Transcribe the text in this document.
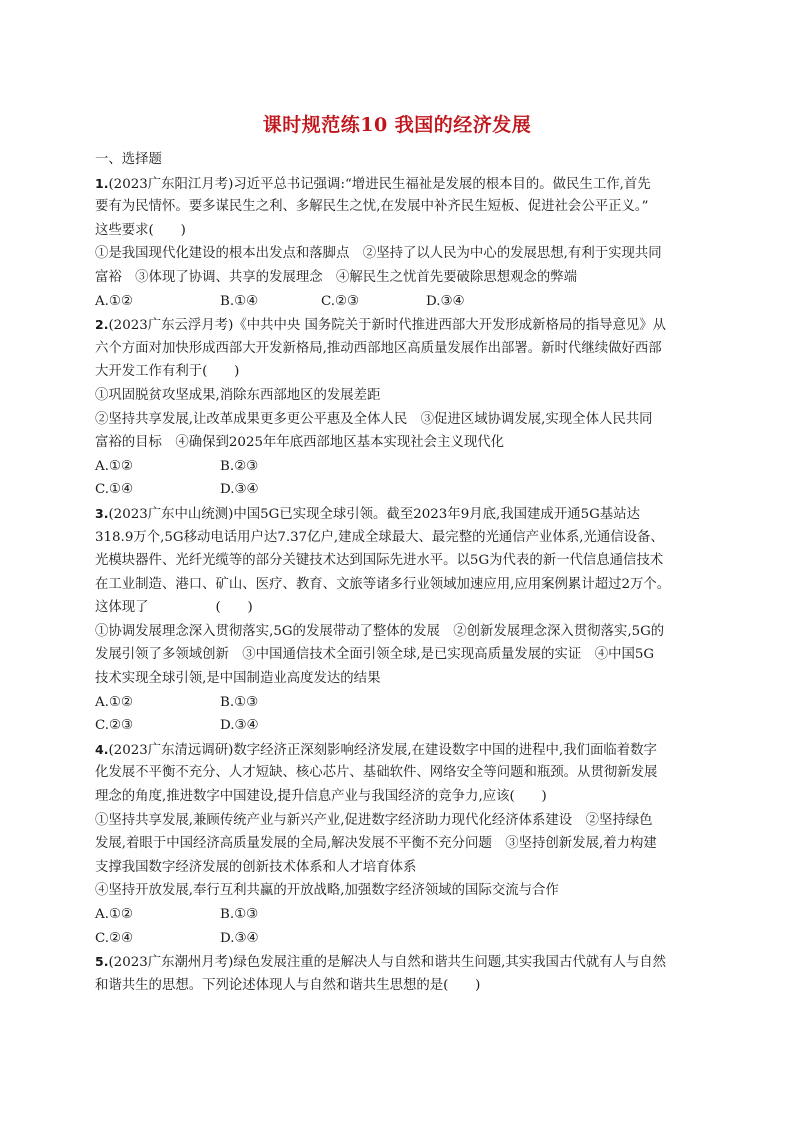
课时规范练10 我国的经济发展
一、选择题
1.(2023广东阳江月考)习近平总书记强调:“增进民生福祉是发展的根本目的。做民生工作,首先
要有为民情怀。要多谋民生之利、多解民生之忧,在发展中补齐民生短板、促进社会公平正义。”
这些要求(　　)
①是我国现代化建设的根本出发点和落脚点　②坚持了以人民为中心的发展思想,有利于实现共同
富裕　③体现了协调、共享的发展理念　④解民生之忧首先要破除思想观念的弊端
A.①②	B.①④	C.②③	D.③④
2.(2023广东云浮月考)《中共中央 国务院关于新时代推进西部大开发形成新格局的指导意见》从
六个方面对加快形成西部大开发新格局,推动西部地区高质量发展作出部署。新时代继续做好西部
大开发工作有利于(　　)
①巩固脱贫攻坚成果,消除东西部地区的发展差距
②坚持共享发展,让改革成果更多更公平惠及全体人民　③促进区域协调发展,实现全体人民共同
富裕的目标　④确保到2025年年底西部地区基本实现社会主义现代化
A.①②	B.②③
C.①④	D.③④
3.(2023广东中山统测)中国5G已实现全球引领。截至2023年9月底,我国建成开通5G基站达
318.9万个,5G移动电话用户达7.37亿户,建成全球最大、最完整的光通信产业体系,光通信设备、
光模块器件、光纤光缆等的部分关键技术达到国际先进水平。以5G为代表的新一代信息通信技术
在工业制造、港口、矿山、医疗、教育、文旅等诸多行业领域加速应用,应用案例累计超过2万个。
这体现了　　　　　(　　)
①协调发展理念深入贯彻落实,5G的发展带动了整体的发展　②创新发展理念深入贯彻落实,5G的
发展引领了多领域创新　③中国通信技术全面引领全球,是已实现高质量发展的实证　④中国5G
技术实现全球引领,是中国制造业高度发达的结果
A.①②	B.①③
C.②③	D.③④
4.(2023广东清远调研)数字经济正深刻影响经济发展,在建设数字中国的进程中,我们面临着数字
化发展不平衡不充分、人才短缺、核心芯片、基础软件、网络安全等问题和瓶颈。从贯彻新发展
理念的角度,推进数字中国建设,提升信息产业与我国经济的竞争力,应该(　　)
①坚持共享发展,兼顾传统产业与新兴产业,促进数字经济助力现代化经济体系建设　②坚持绿色
发展,着眼于中国经济高质量发展的全局,解决发展不平衡不充分问题　③坚持创新发展,着力构建
支撑我国数字经济发展的创新技术体系和人才培育体系
④坚持开放发展,奉行互利共赢的开放战略,加强数字经济领域的国际交流与合作
A.①②	B.①③
C.②④	D.③④
5.(2023广东潮州月考)绿色发展注重的是解决人与自然和谐共生问题,其实我国古代就有人与自然
和谐共生的思想。下列论述体现人与自然和谐共生思想的是(　　)
